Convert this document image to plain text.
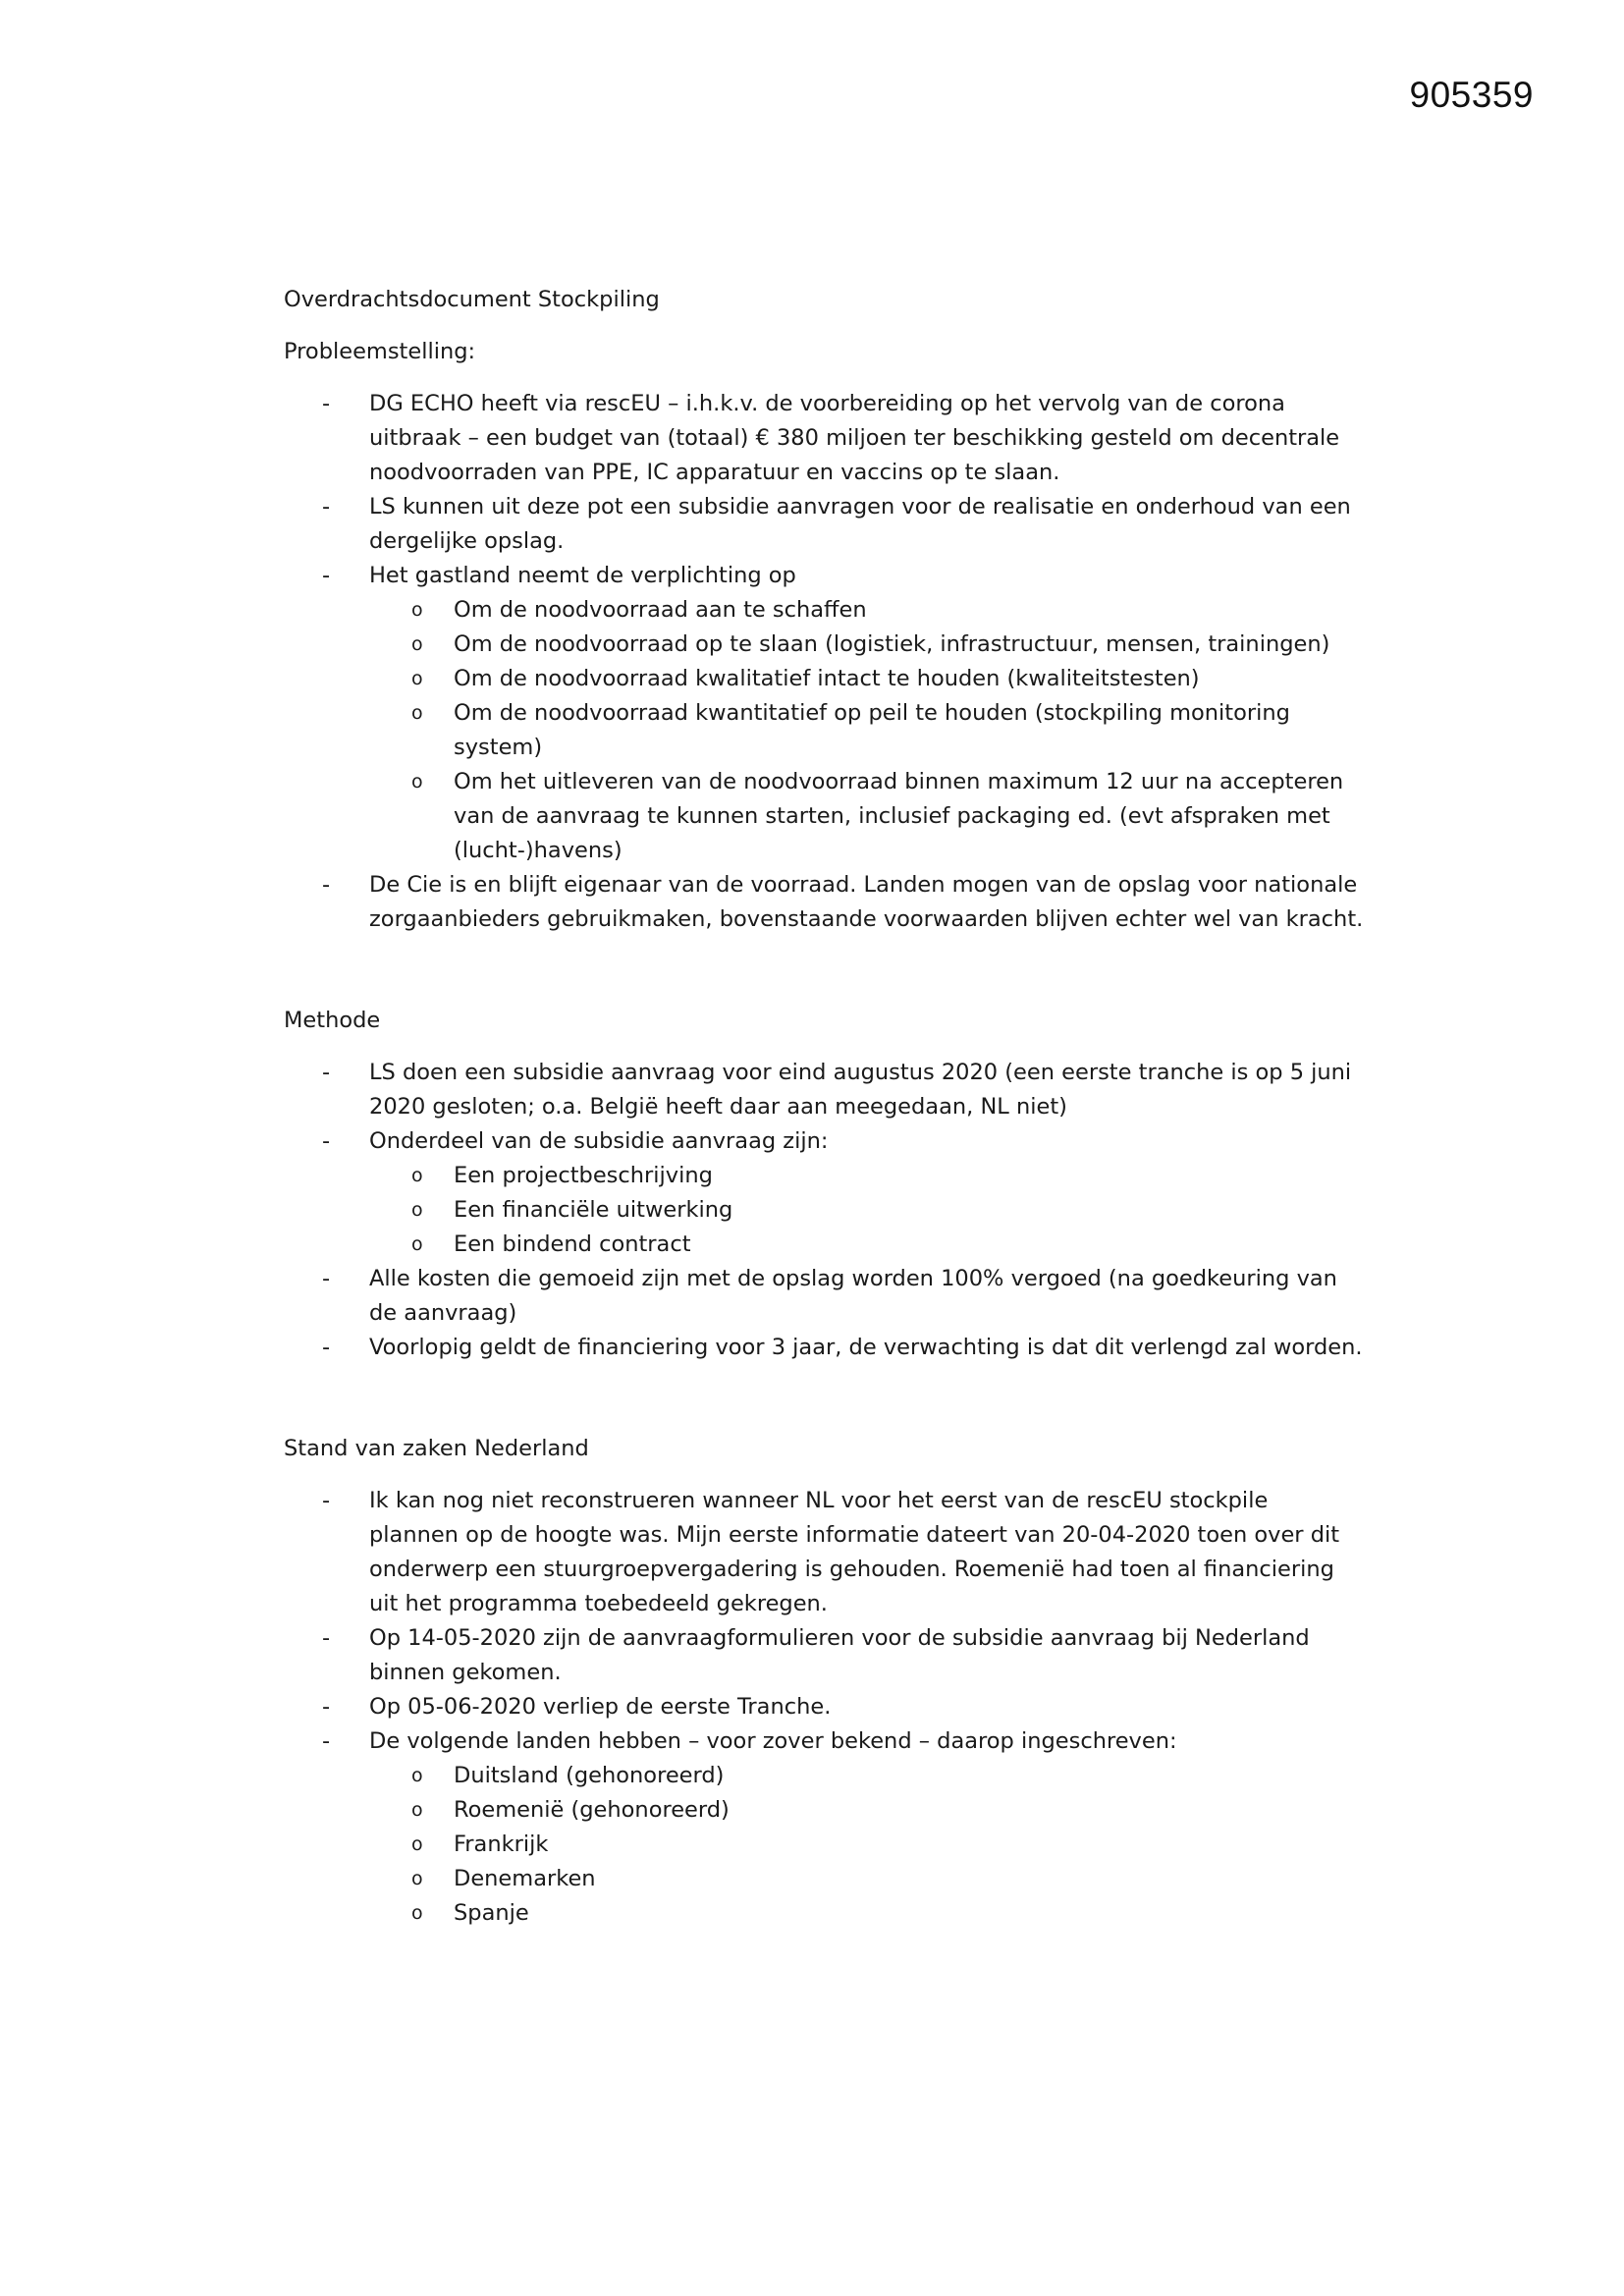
905359
Overdrachtsdocument Stockpiling
Probleemstelling:
- DG ECHO heeft via rescEU – i.h.k.v. de voorbereiding op het vervolg van de corona uitbraak – een budget van (totaal) € 380 miljoen ter beschikking gesteld om decentrale noodvoorraden van PPE, IC apparatuur en vaccins op te slaan.
- LS kunnen uit deze pot een subsidie aanvragen voor de realisatie en onderhoud van een dergelijke opslag.
- Het gastland neemt de verplichting op
o Om de noodvoorraad aan te schaffen
o Om de noodvoorraad op te slaan (logistiek, infrastructuur, mensen, trainingen)
o Om de noodvoorraad kwalitatief intact te houden (kwaliteitstesten)
o Om de noodvoorraad kwantitatief op peil te houden (stockpiling monitoring system)
o Om het uitleveren van de noodvoorraad binnen maximum 12 uur na accepteren van de aanvraag te kunnen starten, inclusief packaging ed. (evt afspraken met (lucht-)havens)
- De Cie is en blijft eigenaar van de voorraad. Landen mogen van de opslag voor nationale zorgaanbieders gebruikmaken, bovenstaande voorwaarden blijven echter wel van kracht.
Methode
- LS doen een subsidie aanvraag voor eind augustus 2020 (een eerste tranche is op 5 juni 2020 gesloten; o.a. België heeft daar aan meegedaan, NL niet)
- Onderdeel van de subsidie aanvraag zijn:
o Een projectbeschrijving
o Een financiële uitwerking
o Een bindend contract
- Alle kosten die gemoeid zijn met de opslag worden 100% vergoed (na goedkeuring van de aanvraag)
- Voorlopig geldt de financiering voor 3 jaar, de verwachting is dat dit verlengd zal worden.
Stand van zaken Nederland
- Ik kan nog niet reconstrueren wanneer NL voor het eerst van de rescEU stockpile plannen op de hoogte was. Mijn eerste informatie dateert van 20-04-2020 toen over dit onderwerp een stuurgroepvergadering is gehouden. Roemenië had toen al financiering uit het programma toebedeeld gekregen.
- Op 14-05-2020 zijn de aanvraagformulieren voor de subsidie aanvraag bij Nederland binnen gekomen.
- Op 05-06-2020 verliep de eerste Tranche.
- De volgende landen hebben – voor zover bekend – daarop ingeschreven:
o Duitsland (gehonoreerd)
o Roemenië (gehonoreerd)
o Frankrijk
o Denemarken
o Spanje
